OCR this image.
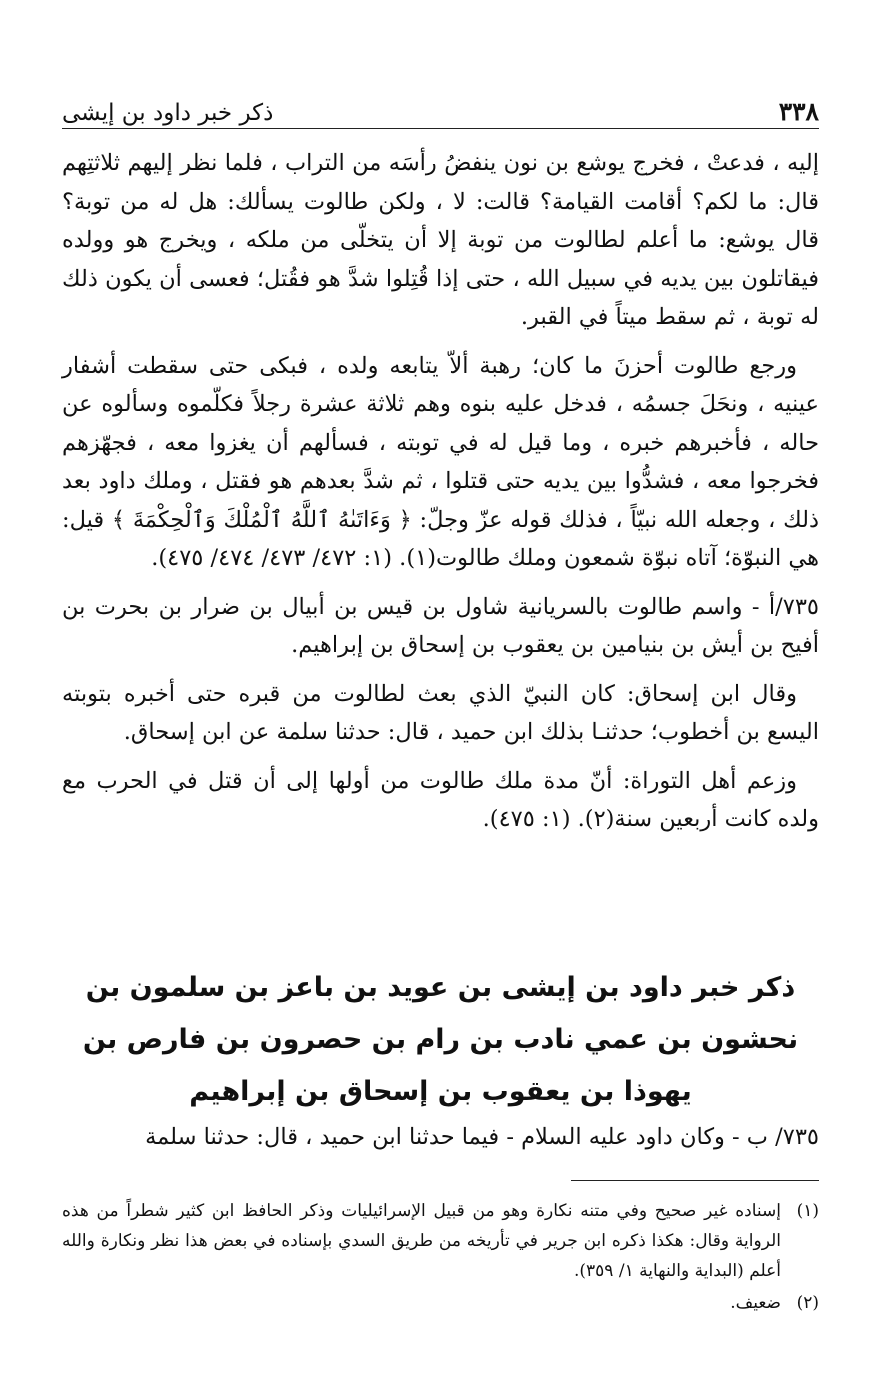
٣٣٨
ذكر خبر داود بن إيشى

إليه ، فدعتْ ، فخرج يوشع بن نون ينفضُ رأسَه من التراب ، فلما نظر إليهم ثلاثتِهم قال: ما لكم؟ أقامت القيامة؟ قالت: لا ، ولكن طالوت يسألك: هل له من توبة؟ قال يوشع: ما أعلم لطالوت من توبة إلا أن يتخلّى من ملكه ، ويخرج هو وولده فيقاتلون بين يديه في سبيل الله ، حتى إذا قُتِلوا شدَّ هو فقُتل؛ فعسى أن يكون ذلك له توبة ، ثم سقط ميتاً في القبر.

ورجع طالوت أحزنَ ما كان؛ رهبة ألاّ يتابعه ولده ، فبكى حتى سقطت أشفار عينيه ، ونحَلَ جسمُه ، فدخل عليه بنوه وهم ثلاثة عشرة رجلاً فكلّموه وسألوه عن حاله ، فأخبرهم خبره ، وما قيل له في توبته ، فسألهم أن يغزوا معه ، فجهّزهم فخرجوا معه ، فشدُّوا بين يديه حتى قتلوا ، ثم شدَّ بعدهم هو فقتل ، وملك داود بعد ذلك ، وجعله الله نبيّاً ، فذلك قوله عزّ وجلّ: ﴿ وَءَاتَىٰهُ ٱللَّهُ ٱلْمُلْكَ وَٱلْحِكْمَةَ ﴾ قيل: هي النبوّة؛ آتاه نبوّة شمعون وملك طالوت(١). (١: ٤٧٢/ ٤٧٣/ ٤٧٤/ ٤٧٥).

٧٣٥/أ - واسم طالوت بالسريانية شاول بن قيس بن أبيال بن ضرار بن بحرت بن أفيح بن أيش بن بنيامين بن يعقوب بن إسحاق بن إبراهيم.

وقال ابن إسحاق: كان النبيّ الذي بعث لطالوت من قبره حتى أخبره بتوبته اليسع بن أخطوب؛ حدثنـا بذلك ابن حميد ، قال: حدثنا سلمة عن ابن إسحاق.

وزعم أهل التوراة: أنّ مدة ملك طالوت من أولها إلى أن قتل في الحرب مع ولده كانت أربعين سنة(٢). (١: ٤٧٥).

ذكر خبر داود بن إيشى بن عويد بن باعز بن سلمون بن نحشون بن عمي نادب بن رام بن حصرون بن فارص بن يهوذا بن يعقوب بن إسحاق بن إبراهيم
٧٣٥/ ب - وكان داود عليه السلام - فيما حدثنا ابن حميد ، قال: حدثنا سلمة
(١)
إسناده غير صحيح وفي متنه نكارة وهو من قبيل الإسرائيليات وذكر الحافظ ابن كثير شطراً من هذه الرواية وقال: هكذا ذكره ابن جرير في تأريخه من طريق السدي بإسناده في بعض هذا نظر ونكارة والله أعلم (البداية والنهاية ١/ ٣٥٩).
(٢)
ضعيف.
